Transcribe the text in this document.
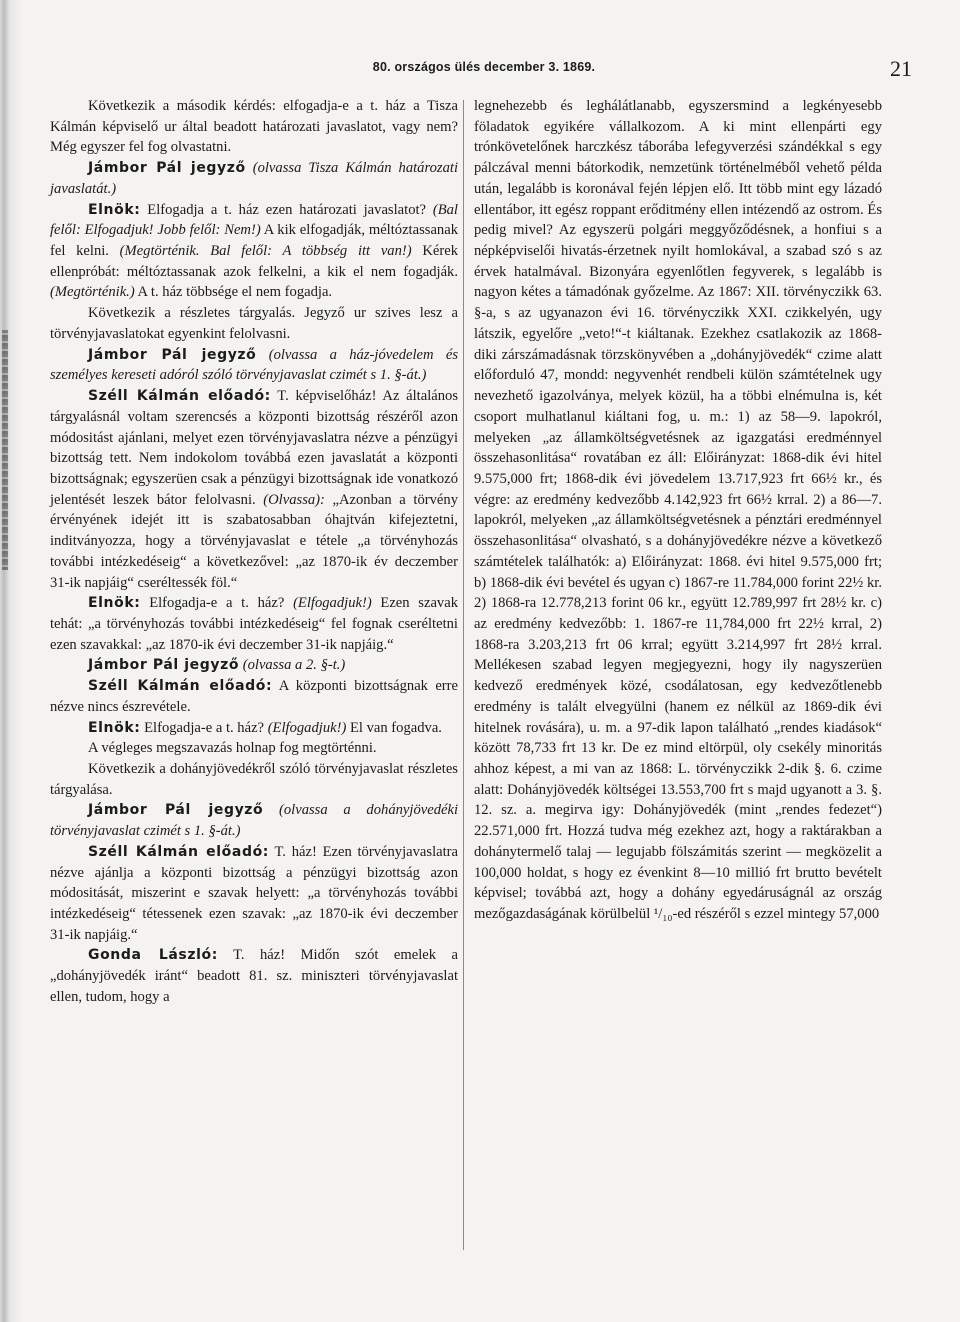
80. országos ülés december 3. 1869.	21

Következik a második kérdés: elfogadja-e a t. ház a Tisza Kálmán képviselő ur által beadott határozati javaslatot, vagy nem? Még egyszer fel fog olvastatni.

Jámbor Pál jegyző (olvassa Tisza Kálmán határozati javaslatát.)

Elnök: Elfogadja a t. ház ezen határozati javaslatot? (Bal felől: Elfogadjuk! Jobb felől: Nem!) A kik elfogadják, méltóztassanak fel kelni. (Megtörténik. Bal felől: A többség itt van!) Kérek ellenpróbát: méltóztassanak azok felkelni, a kik el nem fogadják. (Megtörténik.) A t. ház többsége el nem fogadja.

Következik a részletes tárgyalás. Jegyző ur szives lesz a törvényjavaslatokat egyenkint felolvasni.

Jámbor Pál jegyző (olvassa a ház-jóvedelem és személyes kereseti adóról szóló törvényjavaslat czimét s 1. §-át.)

Széll Kálmán előadó: T. képviselőház! Az általános tárgyalásnál voltam szerencsés a központi bizottság részéről azon módositást ajánlani, melyet ezen törvényjavaslatra nézve a pénzügyi bizottság tett. Nem indokolom továbbá ezen javaslatát a központi bizottságnak; egyszerüen csak a pénzügyi bizottságnak ide vonatkozó jelentését leszek bátor felolvasni. (Olvassa): „Azonban a törvény érvényének idejét itt is szabatosabban óhajtván kifejeztetni, inditványozza, hogy a törvényjavaslat e tétele „a törvényhozás további intézkedéseig“ a következővel: „az 1870-ik év deczember 31-ik napjáig“ cseréltessék föl.“

Elnök: Elfogadja-e a t. ház? (Elfogadjuk!) Ezen szavak tehát: „a törvényhozás további intézkedéseig“ fel fognak cseréltetni ezen szavakkal: „az 1870-ik évi deczember 31-ik napjáig.“

Jámbor Pál jegyző (olvassa a 2. §-t.)

Széll Kálmán előadó: A központi bizottságnak erre nézve nincs észrevétele.

Elnök: Elfogadja-e a t. ház? (Elfogadjuk!) El van fogadva.

A végleges megszavazás holnap fog megtörténni.

Következik a dohányjövedékről szóló törvényjavaslat részletes tárgyalása.

Jámbor Pál jegyző (olvassa a dohányjövedéki törvényjavaslat czimét s 1. §-át.)

Széll Kálmán előadó: T. ház! Ezen törvényjavaslatra nézve ajánlja a központi bizottság a pénzügyi bizottság azon módositását, miszerint e szavak helyett: „a törvényhozás további intézkedéseig“ tétessenek ezen szavak: „az 1870-ik évi deczember 31-ik napjáig.“

Gonda László: T. ház! Midőn szót emelek a „dohányjövedék iránt“ beadott 81. sz. miniszteri törvényjavaslat ellen, tudom, hogy a

legnehezebb és leghálátlanabb, egyszersmind a legkényesebb föladatok egyikére vállalkozom. A ki mint ellenpárti egy trónkövetelőnek harczkész táborába lefegyverzési szándékkal s egy pálczával menni bátorkodik, nemzetünk történelméből vehető példa után, legalább is koronával fején lépjen elő. Itt több mint egy lázadó ellentábor, itt egész roppant erőditmény ellen intézendő az ostrom. És pedig mivel? Az egyszerü polgári meggyőződésnek, a honfiui s a népképviselői hivatás-érzetnek nyilt homlokával, a szabad szó s az érvek hatalmával. Bizonyára egyenlőtlen fegyverek, s legalább is nagyon kétes a támadónak győzelme. Az 1867: XII. törvényczikk 63. §-a, s az ugyanazon évi 16. törvényczikk XXI. czikkelyén, ugy látszik, egyelőre „veto!“-t kiáltanak. Ezekhez csatlakozik az 1868-diki zárszámadásnak törzskönyvében a „dohányjövedék“ czime alatt előforduló 47, mondd: negyvenhét rendbeli külön számtételnek ugy nevezhető igazolványa, melyek közül, ha a többi elnémulna is, két csoport mulhatlanul kiáltani fog, u. m.: 1) az 58—9. lapokról, melyeken „az államköltségvetésnek az igazgatási eredménnyel összehasonlitása“ rovatában ez áll: Előirányzat: 1868-dik évi hitel 9.575,000 frt; 1868-dik évi jövedelem 13.717,923 frt 66½ kr., és végre: az eredmény kedvezőbb 4.142,923 frt 66½ krral. 2) a 86—7. lapokról, melyeken „az államköltségvetésnek a pénztári eredménnyel összehasonlitása“ olvasható, s a dohányjövedékre nézve a következő számtételek találhatók: a) Előirányzat: 1868. évi hitel 9.575,000 frt; b) 1868-dik évi bevétel és ugyan c) 1867-re 11.784,000 forint 22½ kr. 2) 1868-ra 12.778,213 forint 06 kr., együtt 12.789,997 frt 28½ kr. c) az eredmény kedvezőbb: 1. 1867-re 11,784,000 frt 22½ krral, 2) 1868-ra 3.203,213 frt 06 krral; együtt 3.214,997 frt 28½ krral. Mellékesen szabad legyen megjegyezni, hogy ily nagyszerüen kedvező eredmények közé, csodálatosan, egy kedvezőtlenebb eredmény is talált elvegyülni (hanem ez nélkül az 1869-dik évi hitelnek rovására), u. m. a 97-dik lapon található „rendes kiadások“ között 78,733 frt 13 kr. De ez mind eltörpül, oly csekély minoritás ahhoz képest, a mi van az 1868: L. törvényczikk 2-dik §. 6. czime alatt: Dohányjövedék költségei 13.553,700 frt s majd ugyanott a 3. §. 12. sz. a. megirva igy: Dohányjövedék (mint „rendes fedezet“) 22.571,000 frt. Hozzá tudva még ezekhez azt, hogy a raktárakban a dohánytermelő talaj — legujabb fölszámitás szerint — megközelit a 100,000 holdat, s hogy ez évenkint 8—10 millió frt brutto bevételt képvisel; továbbá azt, hogy a dohány egyedáruságnál az ország mezőgazdaságának körülbelül ¹/₁₀-ed részéről s ezzel mintegy 57,000
